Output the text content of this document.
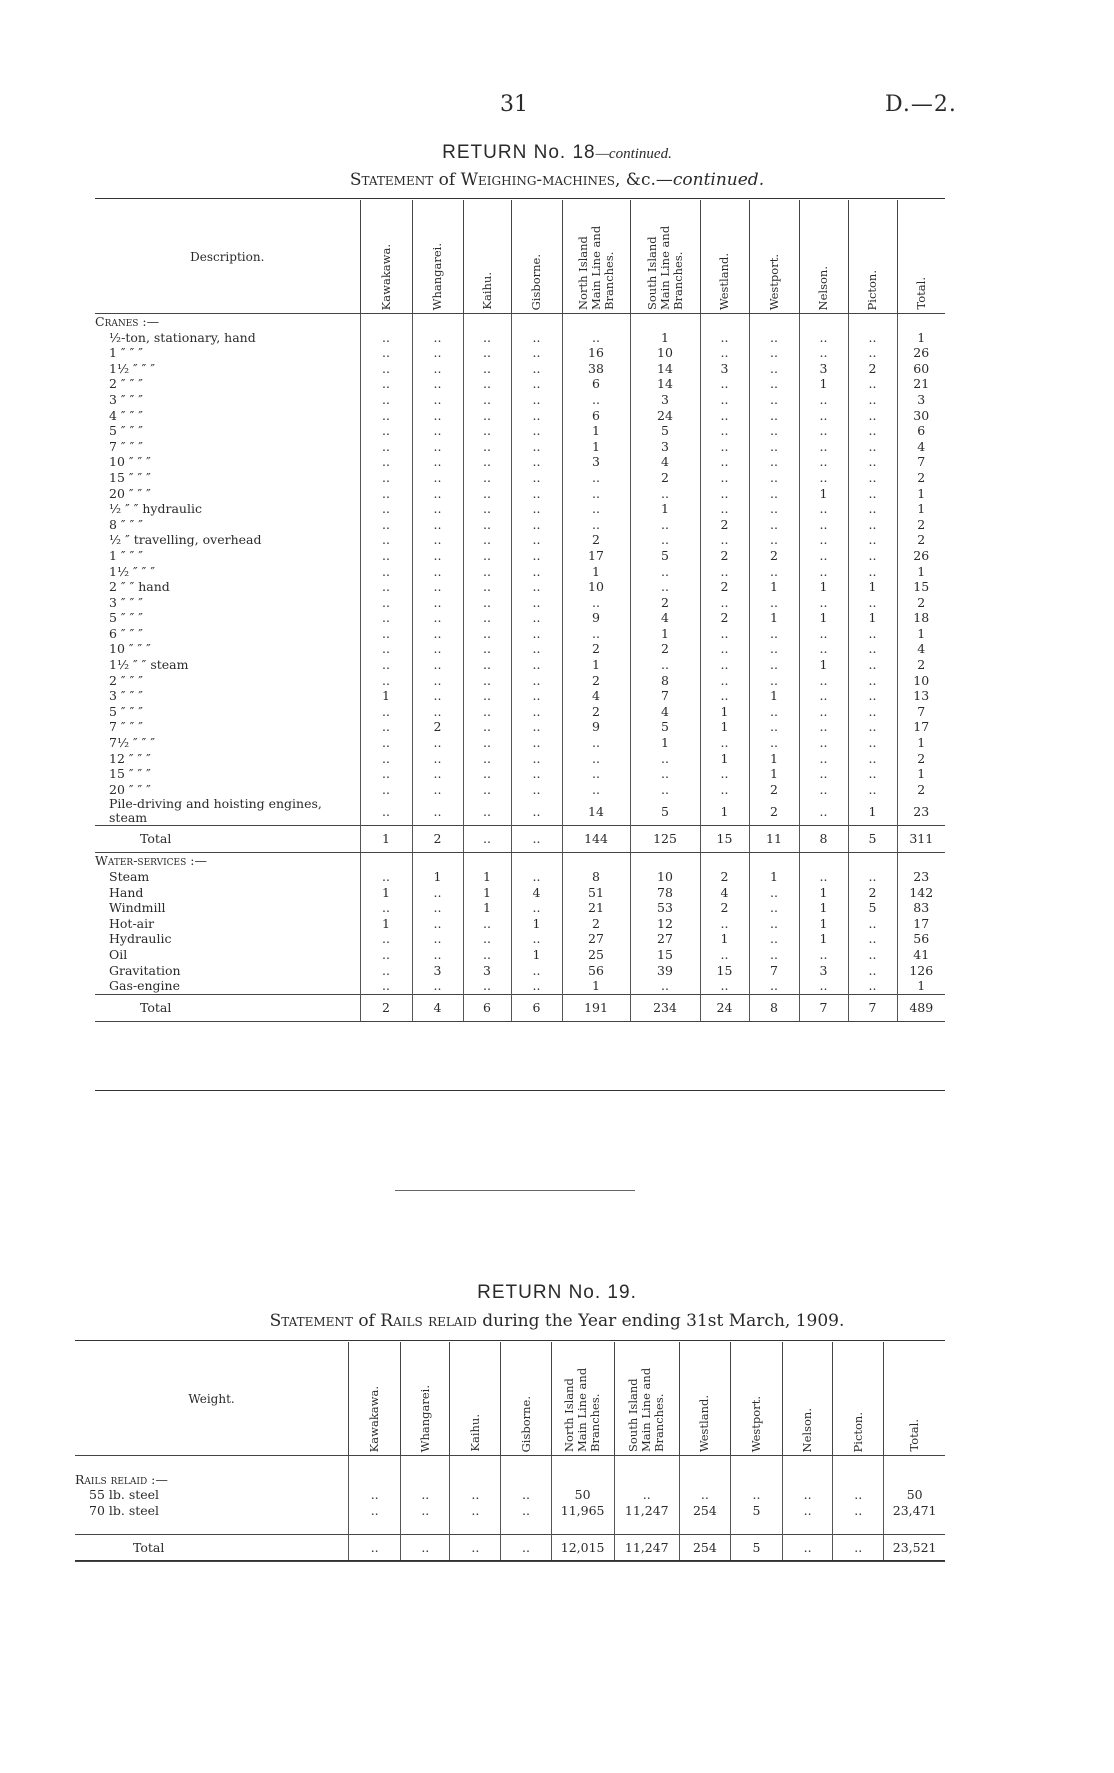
31	D.—2.
RETURN No. 18—continued.
Statement of Weighing-machines, &c.—continued.
Description.	Kawakawa.	Whangarei.	Kaihu.	Gisborne.	North Island Main Line and Branches.	South Island Main Line and Branches.	Westland.	Westport.	Nelson.	Picton.	Total.
Cranes :—											
½-ton, stationary, hand	..	..	..	..	..	1	..	..	..	..	1
1 ″ ″ ″	..	..	..	..	16	10	..	..	..	..	26
1½ ″ ″ ″	..	..	..	..	38	14	3	..	3	2	60
2 ″ ″ ″	..	..	..	..	6	14	..	..	1	..	21
3 ″ ″ ″	..	..	..	..	..	3	..	..	..	..	3
4 ″ ″ ″	..	..	..	..	6	24	..	..	..	..	30
5 ″ ″ ″	..	..	..	..	1	5	..	..	..	..	6
7 ″ ″ ″	..	..	..	..	1	3	..	..	..	..	4
10 ″ ″ ″	..	..	..	..	3	4	..	..	..	..	7
15 ″ ″ ″	..	..	..	..	..	2	..	..	..	..	2
20 ″ ″ ″	..	..	..	..	..	..	..	..	1	..	1
½ ″ ″ hydraulic	..	..	..	..	..	1	..	..	..	..	1
8 ″ ″ ″	..	..	..	..	..	..	2	..	..	..	2
½ ″ travelling, overhead	..	..	..	..	2	..	..	..	..	..	2
1 ″ ″ ″	..	..	..	..	17	5	2	2	..	..	26
1½ ″ ″ ″	..	..	..	..	1	..	..	..	..	..	1
2 ″ ″ hand	..	..	..	..	10	..	2	1	1	1	15
3 ″ ″ ″	..	..	..	..	..	2	..	..	..	..	2
5 ″ ″ ″	..	..	..	..	9	4	2	1	1	1	18
6 ″ ″ ″	..	..	..	..	..	1	..	..	..	..	1
10 ″ ″ ″	..	..	..	..	2	2	..	..	..	..	4
1½ ″ ″ steam	..	..	..	..	1	..	..	..	1	..	2
2 ″ ″ ″	..	..	..	..	2	8	..	..	..	..	10
3 ″ ″ ″	1	..	..	..	4	7	..	1	..	..	13
5 ″ ″ ″	..	..	..	..	2	4	1	..	..	..	7
7 ″ ″ ″	..	2	..	..	9	5	1	..	..	..	17
7½ ″ ″ ″	..	..	..	..	..	1	..	..	..	..	1
12 ″ ″ ″	..	..	..	..	..	..	1	1	..	..	2
15 ″ ″ ″	..	..	..	..	..	..	..	1	..	..	1
20 ″ ″ ″	..	..	..	..	..	..	..	2	..	..	2
Pile-driving and hoisting engines, steam	..	..	..	..	14	5	1	2	..	1	23
Total	1	2	..	..	144	125	15	11	8	5	311
Water-services :—											
Steam	..	1	1	..	8	10	2	1	..	..	23
Hand	1	..	1	4	51	78	4	..	1	2	142
Windmill	..	..	1	..	21	53	2	..	1	5	83
Hot-air	1	..	..	1	2	12	..	..	1	..	17
Hydraulic	..	..	..	..	27	27	1	..	1	..	56
Oil	..	..	..	1	25	15	..	..	..	..	41
Gravitation	..	3	3	..	56	39	15	7	3	..	126
Gas-engine	..	..	..	..	1	..	..	..	..	..	1
Total	2	4	6	6	191	234	24	8	7	7	489
RETURN No. 19.
Statement of Rails relaid during the Year ending 31st March, 1909.
Weight.	Kawakawa.	Whangarei.	Kaihu.	Gisborne.	North Island Main Line and Branches.	South Island Main Line and Branches.	Westland.	Westport.	Nelson.	Picton.	Total.

Rails relaid :—											
55 lb. steel	..	..	..	..	50	..	..	..	..	..	50
70 lb. steel	..	..	..	..	11,965	11,247	254	5	..	..	23,471

Total	..	..	..	..	12,015	11,247	254	5	..	..	23,521
